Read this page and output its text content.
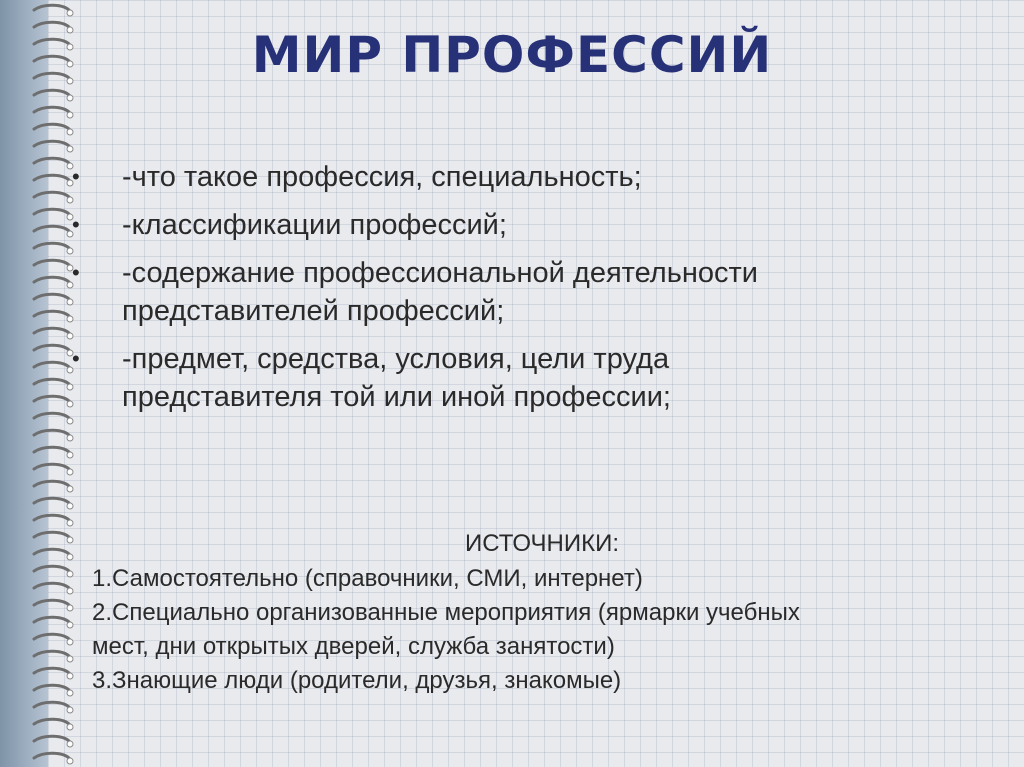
МИР ПРОФЕССИЙ
• -что такое профессия, специальность;
• -классификации профессий;
• -содержание профессиональной деятельности
представителей профессий;
• -предмет, средства, условия, цели труда
представителя той или иной профессии;

ИСТОЧНИКИ:

1.Самостоятельно (справочники, СМИ, интернет)

2.Специально организованные мероприятия (ярмарки учебных

мест, дни открытых дверей, служба занятости)

3.Знающие люди (родители, друзья, знакомые)
